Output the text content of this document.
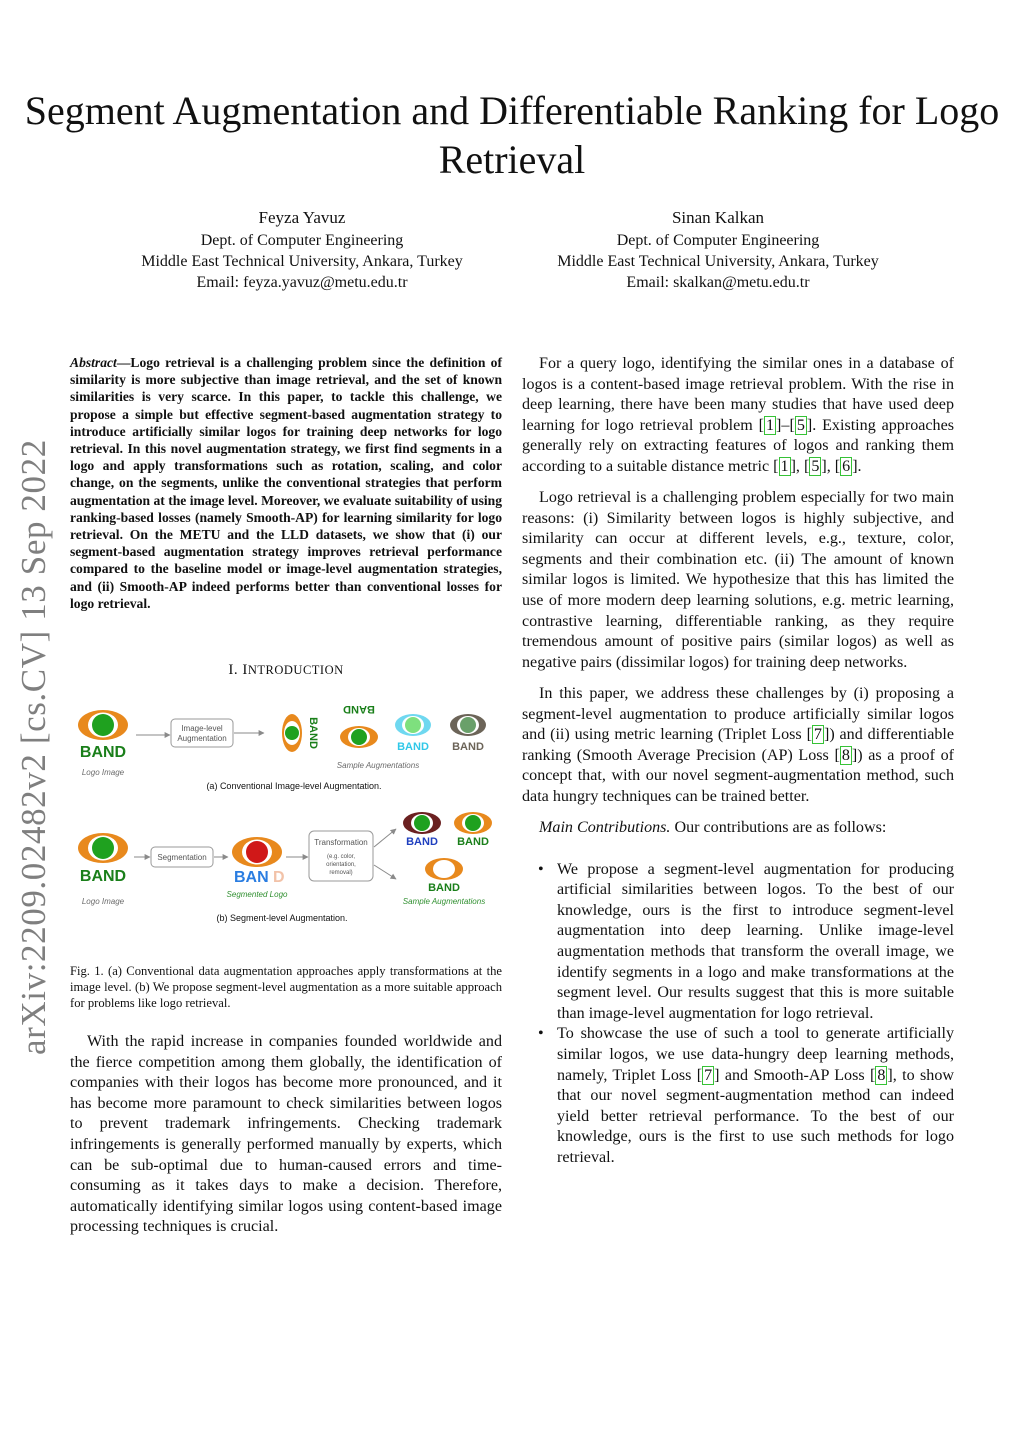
Segment Augmentation and Differentiable Ranking for Logo Retrieval
Feyza Yavuz
Dept. of Computer Engineering
Middle East Technical University, Ankara, Turkey
Email: feyza.yavuz@metu.edu.tr
Sinan Kalkan
Dept. of Computer Engineering
Middle East Technical University, Ankara, Turkey
Email: skalkan@metu.edu.tr
arXiv:2209.02482v2 [cs.CV] 13 Sep 2022
Abstract—Logo retrieval is a challenging problem since the definition of similarity is more subjective than image retrieval, and the set of known similarities is very scarce. In this paper, to tackle this challenge, we propose a simple but effective segment-based augmentation strategy to introduce artificially similar logos for training deep networks for logo retrieval. In this novel augmentation strategy, we first find segments in a logo and apply transformations such as rotation, scaling, and color change, on the segments, unlike the conventional strategies that perform augmentation at the image level. Moreover, we evaluate suitability of using ranking-based losses (namely Smooth-AP) for learning similarity for logo retrieval. On the METU and the LLD datasets, we show that (i) our segment-based augmentation strategy improves retrieval performance compared to the baseline model or image-level augmentation strategies, and (ii) Smooth-AP indeed performs better than conventional losses for logo retrieval.
I. INTRODUCTION
BAND
Logo Image
Image-level
Augmentation	BAND
BAND
BAND BAND
Sample Augmentations
(a) Conventional Image-level Augmentation.
BAND
Logo Image
Segmentation
BAN D
Segmented Logo
Transformation
(e.g. color,
orientation,
removal)
BAND BAND
BAND
Sample Augmentations
(b) Segment-level Augmentation.
Fig. 1. (a) Conventional data augmentation approaches apply transformations at the image level. (b) We propose segment-level augmentation as a more suitable approach for problems like logo retrieval.

With the rapid increase in companies founded worldwide and the fierce competition among them globally, the identification of companies with their logos has become more pronounced, and it has become more paramount to check similarities between logos to prevent trademark infringements. Checking trademark infringements is generally performed manually by experts, which can be sub-optimal due to human-caused errors and time-consuming as it takes days to make a decision. Therefore, automatically identifying similar logos using content-based image processing techniques is crucial.

For a query logo, identifying the similar ones in a database of logos is a content-based image retrieval problem. With the rise in deep learning, there have been many studies that have used deep learning for logo retrieval problem [ 1 ]–[ 5 ]. Existing approaches generally rely on extracting features of logos and ranking them according to a suitable distance metric [ 1 ], [ 5 ], [ 6 ].

Logo retrieval is a challenging problem especially for two main reasons: (i) Similarity between logos is highly subjective, and similarity can occur at different levels, e.g., texture, color, segments and their combination etc. (ii) The amount of known similar logos is limited. We hypothesize that this has limited the use of more modern deep learning solutions, e.g. metric learning, contrastive learning, differentiable ranking, as they require tremendous amount of positive pairs (similar logos) as well as negative pairs (dissimilar logos) for training deep networks.

In this paper, we address these challenges by (i) proposing a segment-level augmentation to produce artificially similar logos and (ii) using metric learning (Triplet Loss [ 7 ]) and differentiable ranking (Smooth Average Precision (AP) Loss [ 8 ]) as a proof of concept that, with our novel segment-augmentation method, such data hungry techniques can be trained better.

Main Contributions. Our contributions are as follows:

• We propose a segment-level augmentation for producing artificial similarities between logos. To the best of our knowledge, ours is the first to introduce segment-level augmentation into deep learning. Unlike image-level augmentation methods that transform the overall image, we identify segments in a logo and make transformations at the segment level. Our results suggest that this is more suitable than image-level augmentation for logo retrieval.
• To showcase the use of such a tool to generate artificially similar logos, we use data-hungry deep learning methods, namely, Triplet Loss [ 7 ] and Smooth-AP Loss [ 8 ], to show that our novel segment-augmentation method can indeed yield better retrieval performance. To the best of our knowledge, ours is the first to use such methods for logo retrieval.
